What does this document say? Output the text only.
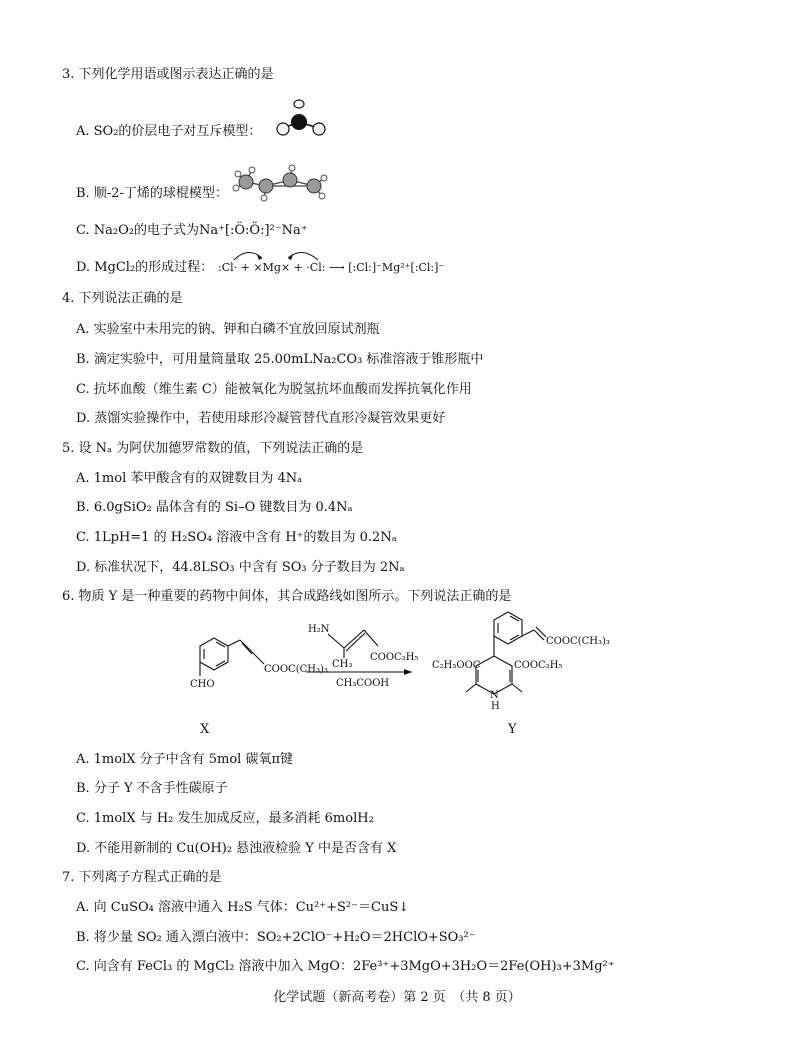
3. 下列化学用语或图示表达正确的是
A. SO₂的价层电子对互斥模型：
B. 顺-2-丁烯的球棍模型：
C. Na₂O₂的电子式为Na⁺[:Ö:Ö:]²⁻Na⁺
D. MgCl₂的形成过程： :Cl· + ×Mg× + ·Cl: ⟶ [:Cl:]⁻Mg²⁺[:Cl:]⁻
4. 下列说法正确的是
A. 实验室中未用完的钠、钾和白磷不宜放回原试剂瓶
B. 滴定实验中，可用量筒量取 25.00mLNa₂CO₃ 标准溶液于锥形瓶中
C. 抗坏血酸（维生素 C）能被氧化为脱氢抗坏血酸而发挥抗氧化作用
D. 蒸馏实验操作中，若使用球形冷凝管替代直形冷凝管效果更好
5. 设 Nₐ 为阿伏加德罗常数的值，下列说法正确的是
A. 1mol 苯甲酸含有的双键数目为 4Nₐ
B. 6.0gSiO₂ 晶体含有的 Si–O 键数目为 0.4Nₐ
C. 1LpH=1 的 H₂SO₄ 溶液中含有 H⁺的数目为 0.2Nₐ
D. 标准状况下，44.8LSO₃ 中含有 SO₃ 分子数目为 2Nₐ
6. 物质 Y 是一种重要的药物中间体，其合成路线如图所示。下列说法正确的是
COOC(CH₃)₃
CHO
H₂N
CH₃
COOC₂H₅
CH₃COOH
COOC(CH₃)₃
C₂H₅OOC	COOC₂H₅
N
H
X	Y
A. 1molX 分子中含有 5mol 碳氧π键
B. 分子 Y 不含手性碳原子
C. 1molX 与 H₂ 发生加成反应，最多消耗 6molH₂
D. 不能用新制的 Cu(OH)₂ 悬浊液检验 Y 中是否含有 X
7. 下列离子方程式正确的是
A. 向 CuSO₄ 溶液中通入 H₂S 气体：Cu²⁺+S²⁻＝CuS↓
B. 将少量 SO₂ 通入漂白液中：SO₂+2ClO⁻+H₂O＝2HClO+SO₃²⁻
C. 向含有 FeCl₃ 的 MgCl₂ 溶液中加入 MgO：2Fe³⁺+3MgO+3H₂O＝2Fe(OH)₃+3Mg²⁺
化学试题（新高考卷）第 2 页　（共 8 页）
